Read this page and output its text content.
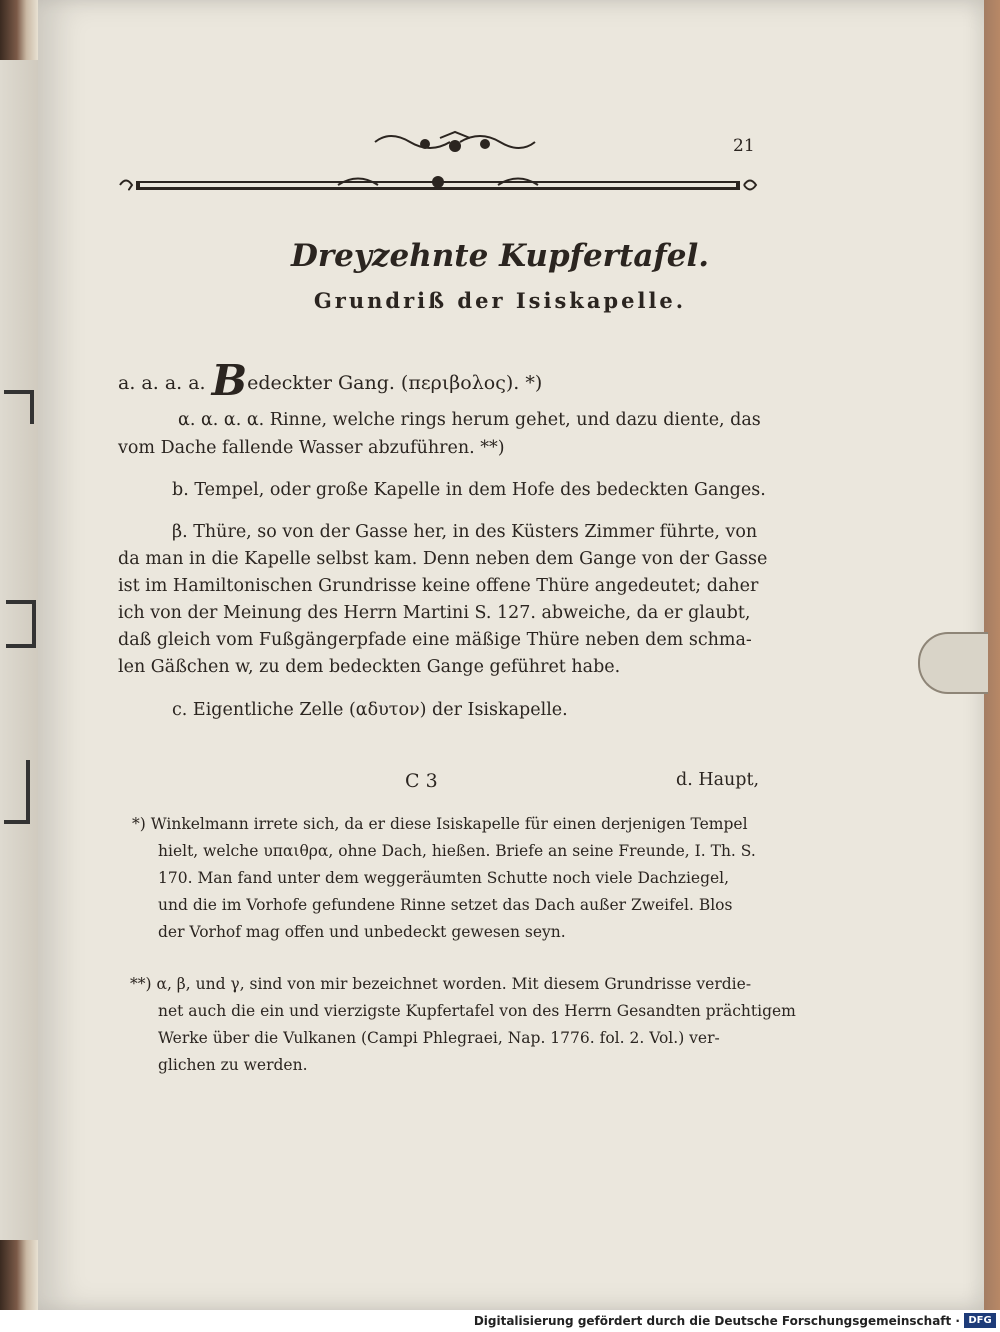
21
Dreyzehnte Kupfertafel.
Grundriß der Isiskapelle.
a. a. a. a. Bedeckter Gang. (περιβολος). *)
α. α. α. α. Rinne, welche rings herum gehet, und dazu diente, das
vom Dache fallende Wasser abzuführen. **)
b. Tempel, oder große Kapelle in dem Hofe des bedeckten Ganges.
β. Thüre, so von der Gasse her, in des Küsters Zimmer führte, von
da man in die Kapelle selbst kam. Denn neben dem Gange von der Gasse
ist im Hamiltonischen Grundrisse keine offene Thüre angedeutet; daher
ich von der Meinung des Herrn Martini S. 127. abweiche, da er glaubt,
daß gleich vom Fußgängerpfade eine mäßige Thüre neben dem schma-
len Gäßchen w, zu dem bedeckten Gange geführet habe.
c. Eigentliche Zelle (αδυτον) der Isiskapelle.
C 3	d. Haupt,
*) Winkelmann irrete sich, da er diese Isiskapelle für einen derjenigen Tempel
hielt, welche υπαιθρα, ohne Dach, hießen. Briefe an seine Freunde, I. Th. S.
170. Man fand unter dem weggeräumten Schutte noch viele Dachziegel,
und die im Vorhofe gefundene Rinne setzet das Dach außer Zweifel. Blos
der Vorhof mag offen und unbedeckt gewesen seyn.
**) α, β, und γ, sind von mir bezeichnet worden. Mit diesem Grundrisse verdie-
net auch die ein und vierzigste Kupfertafel von des Herrn Gesandten prächtigem
Werke über die Vulkanen (Campi Phlegraei, Nap. 1776. fol. 2. Vol.) ver-
glichen zu werden.
Digitalisierung gefördert durch die Deutsche Forschungsgemeinschaft · DFG
